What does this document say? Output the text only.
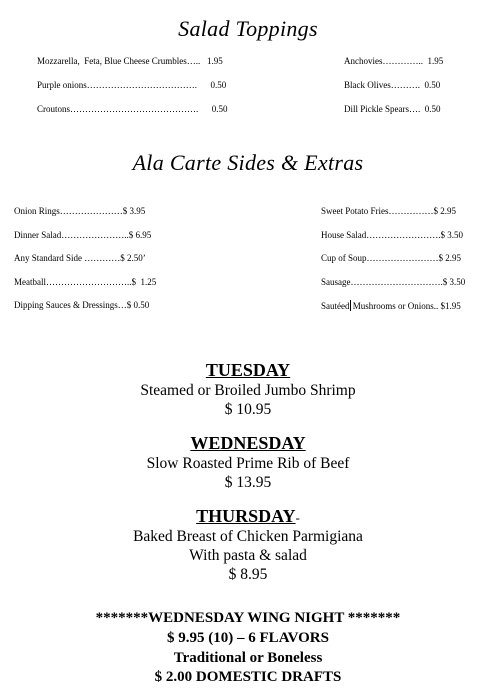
Salad Toppings
Mozzarella,  Feta, Blue Cheese Crumbles…..   1.95
Purple onions……………………………….      0.50
Croutons…………………………………….      0.50
Anchovies…………..  1.95
Black Olives……….  0.50
Dill Pickle Spears….  0.50
Ala Carte Sides & Extras
Onion Rings…………………$ 3.95
Dinner Salad…………………..$ 6.95
Any Standard Side …………$ 2.50’
Meatball………………………..$  1.25
Dipping Sauces & Dressings…$ 0.50
Sweet Potato Fries……………$ 2.95
House Salad…………………….$ 3.50
Cup of Soup……………………$ 2.95
Sausage………………………….$ 3.50
Sautéed Mushrooms or Onions.. $1.95
TUESDAY
Steamed or Broiled Jumbo Shrimp
$ 10.95
WEDNESDAY
Slow Roasted Prime Rib of Beef
$ 13.95
THURSDAY-
Baked Breast of Chicken Parmigiana
With pasta & salad
$ 8.95
*******WEDNESDAY WING NIGHT *******
$ 9.95 (10) – 6 FLAVORS
Traditional or Boneless
$ 2.00 DOMESTIC DRAFTS
